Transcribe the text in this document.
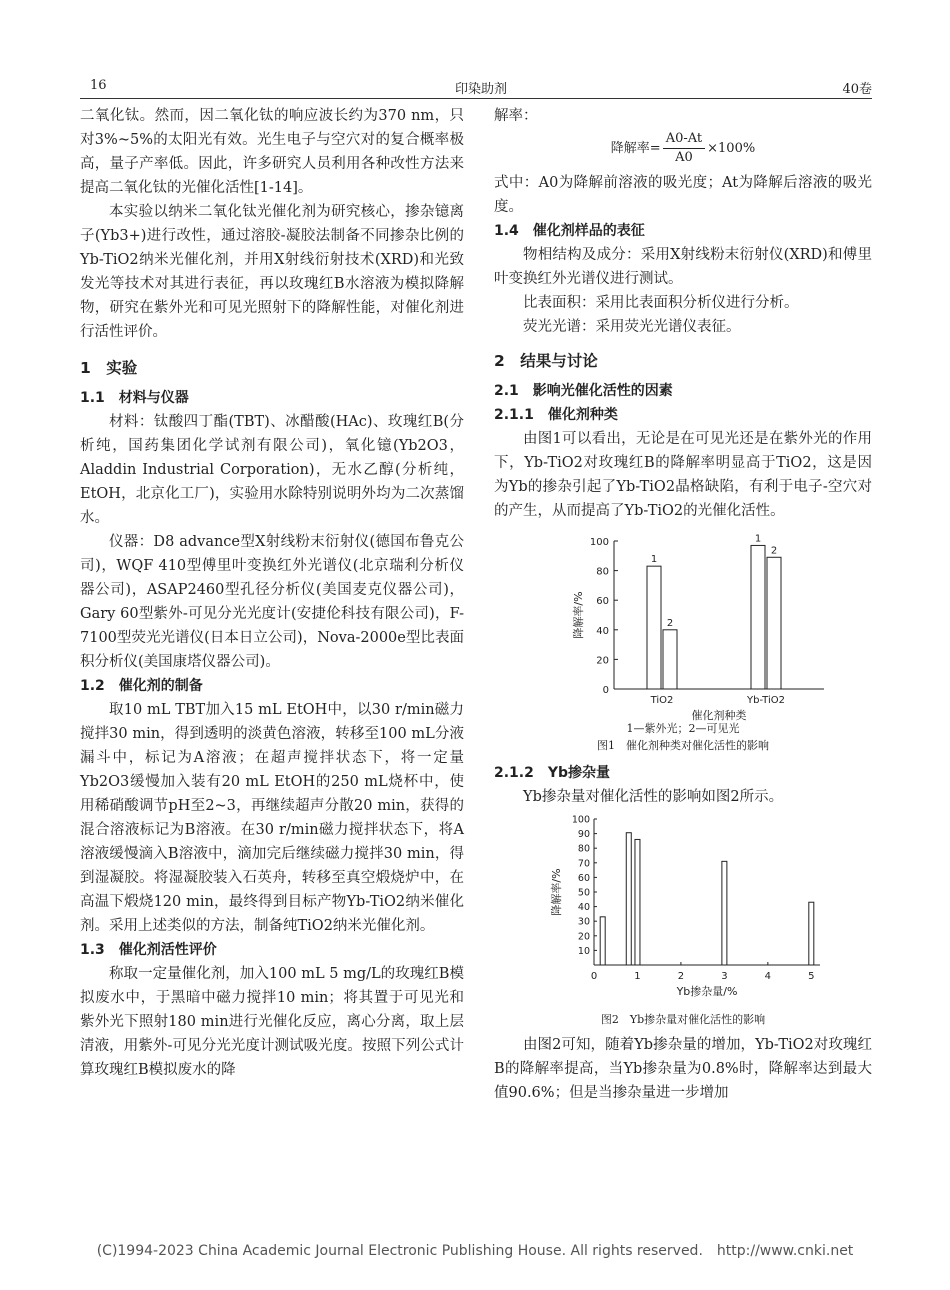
16	印染助剂	40卷

二氧化钛。然而，因二氧化钛的响应波长约为370 nm，只对3%~5%的太阳光有效。光生电子与空穴对的复合概率极高，量子产率低。因此，许多研究人员利用各种改性方法来提高二氧化钛的光催化活性[1-14]。

本实验以纳米二氧化钛光催化剂为研究核心，掺杂镱离子(Yb3+)进行改性，通过溶胶-凝胶法制备不同掺杂比例的Yb-TiO2纳米光催化剂，并用X射线衍射技术(XRD)和光致发光等技术对其进行表征，再以玫瑰红B水溶液为模拟降解物，研究在紫外光和可见光照射下的降解性能，对催化剂进行活性评价。

1　实验

1.1　材料与仪器

材料：钛酸四丁酯(TBT)、冰醋酸(HAc)、玫瑰红B(分析纯，国药集团化学试剂有限公司)，氧化镱(Yb2O3，Aladdin Industrial Corporation)，无水乙醇(分析纯，EtOH，北京化工厂)，实验用水除特别说明外均为二次蒸馏水。

仪器：D8 advance型X射线粉末衍射仪(德国布鲁克公司)，WQF 410型傅里叶变换红外光谱仪(北京瑞利分析仪器公司)，ASAP2460型孔径分析仪(美国麦克仪器公司)，Gary 60型紫外-可见分光光度计(安捷伦科技有限公司)，F-7100型荧光光谱仪(日本日立公司)，Nova-2000e型比表面积分析仪(美国康塔仪器公司)。

1.2　催化剂的制备

取10 mL TBT加入15 mL EtOH中，以30 r/min磁力搅拌30 min，得到透明的淡黄色溶液，转移至100 mL分液漏斗中，标记为A溶液；在超声搅拌状态下，将一定量Yb2O3缓慢加入装有20 mL EtOH的250 mL烧杯中，使用稀硝酸调节pH至2~3，再继续超声分散20 min，获得的混合溶液标记为B溶液。在30 r/min磁力搅拌状态下，将A溶液缓慢滴入B溶液中，滴加完后继续磁力搅拌30 min，得到湿凝胶。将湿凝胶装入石英舟，转移至真空煅烧炉中，在高温下煅烧120 min，最终得到目标产物Yb-TiO2纳米催化剂。采用上述类似的方法，制备纯TiO2纳米光催化剂。

1.3　催化剂活性评价

称取一定量催化剂，加入100 mL 5 mg/L的玫瑰红B模拟废水中，于黑暗中磁力搅拌10 min；将其置于可见光和紫外光下照射180 min进行光催化反应，离心分离，取上层清液，用紫外-可见分光光度计测试吸光度。按照下列公式计算玫瑰红B模拟废水的降

解率：

降解率= $\frac{A0-At}{A0} \times 100\%$

式中：A0为降解前溶液的吸光度；At为降解后溶液的吸光度。

1.4　催化剂样品的表征

物相结构及成分：采用X射线粉末衍射仪(XRD)和傅里叶变换红外光谱仪进行测试。

比表面积：采用比表面积分析仪进行分析。

荧光光谱：采用荧光光谱仪表征。

2　结果与讨论

2.1　影响光催化活性的因素

2.1.1　催化剂种类

由图1可以看出，无论是在可见光还是在紫外光的作用下，Yb-TiO2对玫瑰红B的降解率明显高于TiO2，这是因为Yb的掺杂引起了Yb-TiO2晶格缺陷，有利于电子-空穴对的产生，从而提高了Yb-TiO2的光催化活性。

0
20
40
60
80
100
1
2
TiO2
1
2
Yb-TiO2
降解率/%
催化剂种类
1—紫外光；2—可见光
图1　催化剂种类对催化活性的影响

2.1.2　Yb掺杂量

Yb掺杂量对催化活性的影响如图2所示。

10
20
30
40
50
60
70
80
90
100
0	1	2	3	4	5
降解率/%
Yb掺杂量/%
图2　Yb掺杂量对催化活性的影响

由图2可知，随着Yb掺杂量的增加，Yb-TiO2对玫瑰红B的降解率提高，当Yb掺杂量为0.8%时，降解率达到最大值90.6%；但是当掺杂量进一步增加

(C)1994-2023 China Academic Journal Electronic Publishing House. All rights reserved.　http://www.cnki.net
